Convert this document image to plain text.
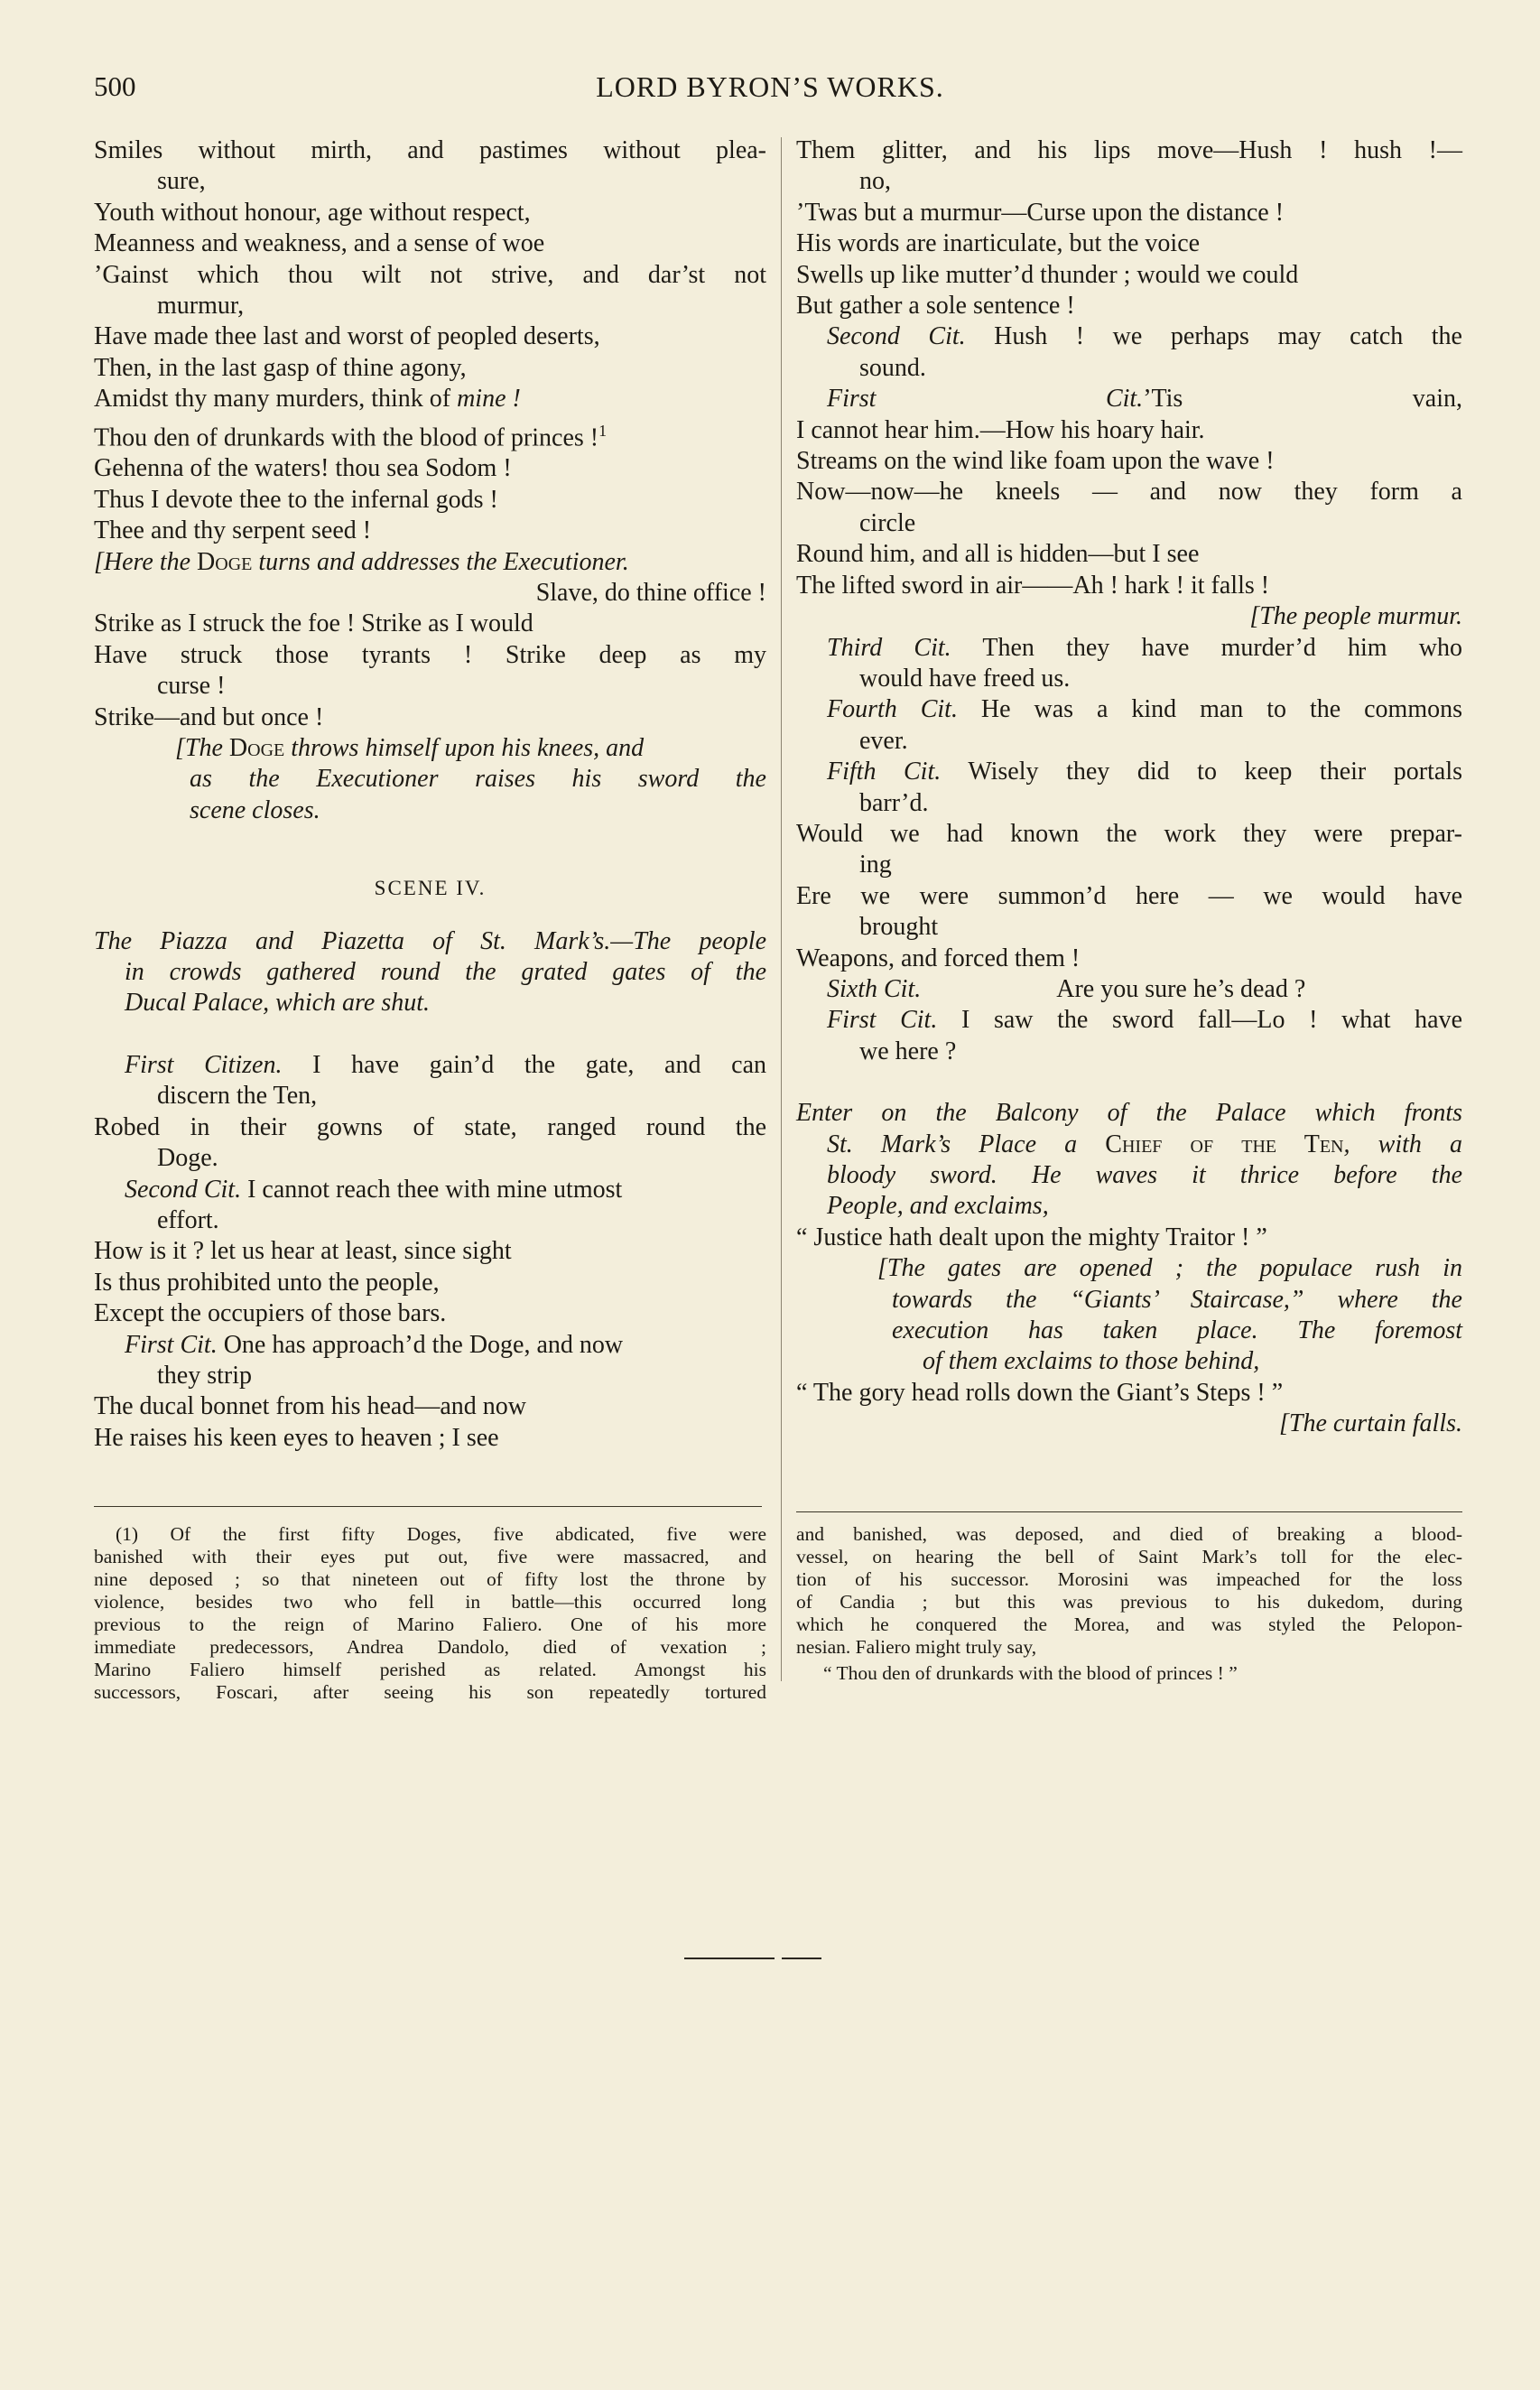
500	LORD BYRON’S WORKS.
Smiles without mirth, and pastimes without plea-
sure,
Youth without honour, age without respect,
Meanness and weakness, and a sense of woe
’Gainst which thou wilt not strive, and dar’st not
murmur,
Have made thee last and worst of peopled deserts,
Then, in the last gasp of thine agony,
Amidst thy many murders, think of mine !
Thou den of drunkards with the blood of princes !$^1$
Gehenna of the waters! thou sea Sodom !
Thus I devote thee to the infernal gods !
Thee and thy serpent seed !
[Here the Doge turns and addresses the Executioner.
Slave, do thine office !
Strike as I struck the foe ! Strike as I would
Have struck those tyrants ! Strike deep as my
curse !
Strike—and but once !
[The Doge throws himself upon his knees, and
as the Executioner raises his sword the
scene closes.
SCENE IV.
The Piazza and Piazetta of St. Mark’s.—The people
in crowds gathered round the grated gates of the
Ducal Palace, which are shut.
First Citizen. I have gain’d the gate, and can
discern the Ten,
Robed in their gowns of state, ranged round the
Doge.
Second Cit. I cannot reach thee with mine utmost
effort.
How is it ? let us hear at least, since sight
Is thus prohibited unto the people,
Except the occupiers of those bars.
First Cit. One has approach’d the Doge, and now
they strip
The ducal bonnet from his head—and now
He raises his keen eyes to heaven ; I see
Them glitter, and his lips move—Hush ! hush !—
no,
’Twas but a murmur—Curse upon the distance !
His words are inarticulate, but the voice
Swells up like mutter’d thunder ; would we could
But gather a sole sentence !
Second Cit. Hush ! we perhaps may catch the
sound.
First Cit.’Tis vain,
I cannot hear him.—How his hoary hair.
Streams on the wind like foam upon the wave !
Now—now—he kneels — and now they form a
circle
Round him, and all is hidden—but I see
The lifted sword in air——Ah ! hark ! it falls !
[The people murmur.
Third Cit. Then they have murder’d him who
would have freed us.
Fourth Cit. He was a kind man to the commons
ever.
Fifth Cit. Wisely they did to keep their portals
barr’d.
Would we had known the work they were prepar-
ing
Ere we were summon’d here — we would have
brought
Weapons, and forced them !
Sixth Cit.	Are you sure he’s dead ?
First Cit. I saw the sword fall—Lo ! what have
we here ?
Enter on the Balcony of the Palace which fronts
St. Mark’s Place a Chief of the Ten, with a
bloody sword. He waves it thrice before the
People, and exclaims,
“ Justice hath dealt upon the mighty Traitor ! ”
[The gates are opened ; the populace rush in
towards the “Giants’ Staircase,” where the
execution has taken place. The foremost
of them exclaims to those behind,
“ The gory head rolls down the Giant’s Steps ! ”
[The curtain falls.
(1) Of the first fifty Doges, five abdicated, five were
banished with their eyes put out, five were massacred, and
nine deposed ; so that nineteen out of fifty lost the throne by
violence, besides two who fell in battle—this occurred long
previous to the reign of Marino Faliero. One of his more
immediate predecessors, Andrea Dandolo, died of vexation ;
Marino Faliero himself perished as related. Amongst his
successors, Foscari, after seeing his son repeatedly tortured
and banished, was deposed, and died of breaking a blood-
vessel, on hearing the bell of Saint Mark’s toll for the elec-
tion of his successor. Morosini was impeached for the loss
of Candia ; but this was previous to his dukedom, during
which he conquered the Morea, and was styled the Pelopon-
nesian. Faliero might truly say,
“ Thou den of drunkards with the blood of princes ! ”
